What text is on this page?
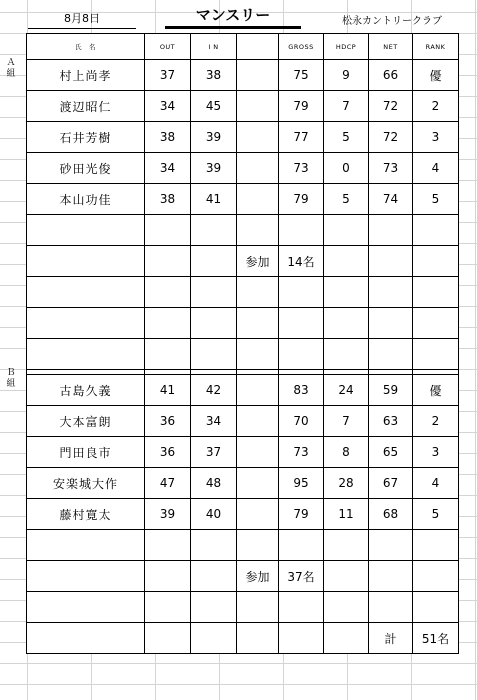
8月8日	マンスリー	松永カントリークラブ
Ａ組
Ｂ組
氏　名	OUT	I N		GROSS	HDCP	NET	RANK
村上尚孝	37	38		75	9	66	優
渡辺昭仁	34	45		79	7	72	2
石井芳樹	38	39		77	5	72	3
砂田光俊	34	39		73	0	73	4
本山功佳	38	41		79	5	74	5

			参加	14名			

古島久義	41	42		83	24	59	優
大本富朗	36	34		70	7	63	2
門田良市	36	37		73	8	65	3
安楽城大作	47	48		95	28	67	4
藤村寛太	39	40		79	11	68	5

			参加	37名			

						計	51名
